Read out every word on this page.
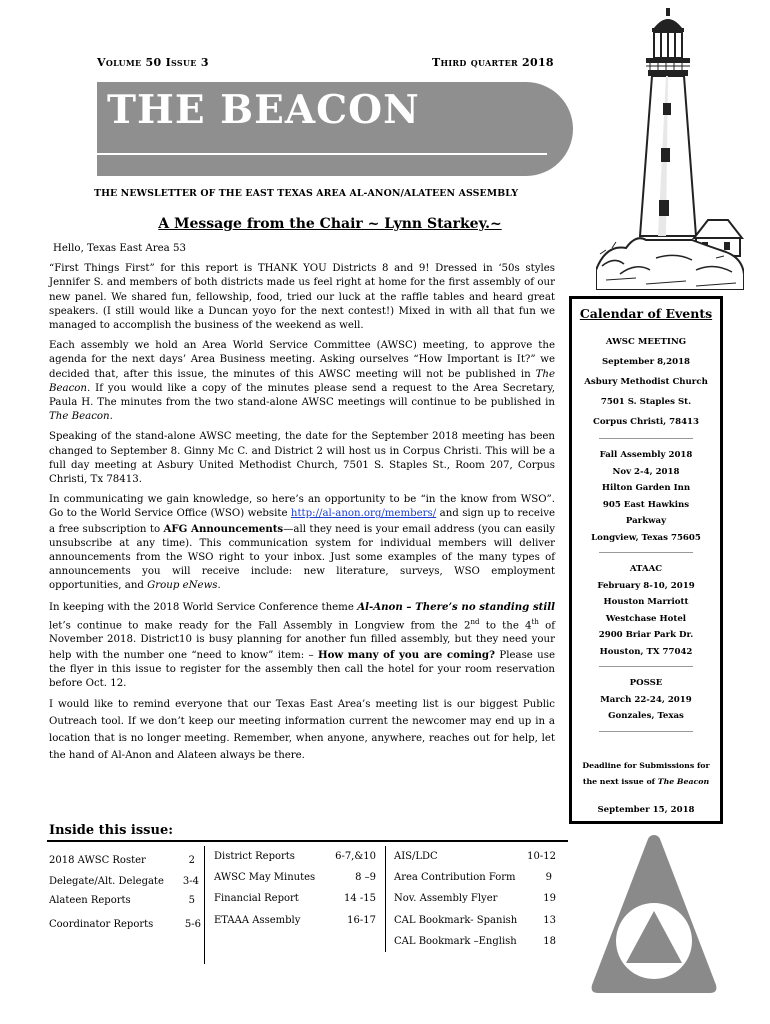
Volume 50 Issue 3	Third quarter 2018
THE BEACON
THE NEWSLETTER OF THE EAST TEXAS AREA AL-ANON/ALATEEN ASSEMBLY
A Message from the Chair ~ Lynn Starkey.~

Hello, Texas East Area 53

“First Things First” for this report is THANK YOU Districts 8 and 9! Dressed in ‘50s styles Jennifer S. and members of both districts made us feel right at home for the first assembly of our new panel. We shared fun, fellowship, food, tried our luck at the raffle tables and heard great speakers. (I still would like a Duncan yoyo for the next contest!) Mixed in with all that fun we managed to accomplish the business of the weekend as well.

Each assembly we hold an Area World Service Committee (AWSC) meeting, to approve the agenda for the next days’ Area Business meeting. Asking ourselves “How Important is It?” we decided that, after this issue, the minutes of this AWSC meeting will not be published in The Beacon. If you would like a copy of the minutes please send a request to the Area Secretary, Paula H. The minutes from the two stand-alone AWSC meetings will continue to be published in The Beacon.

Speaking of the stand-alone AWSC meeting, the date for the September 2018 meeting has been changed to September 8. Ginny Mc C. and District 2 will host us in Corpus Christi. This will be a full day meeting at Asbury United Methodist Church, 7501 S. Staples St., Room 207, Corpus Christi, Tx 78413.

In communicating we gain knowledge, so here’s an opportunity to be “in the know from WSO”. Go to the World Service Office (WSO) website http://al-anon.org/members/ and sign up to receive a free subscription to AFG Announcements—all they need is your email address (you can easily unsubscribe at any time). This communication system for individual members will deliver announcements from the WSO right to your inbox. Just some examples of the many types of announcements you will receive include: new literature, surveys, WSO employment opportunities, and Group eNews.

In keeping with the 2018 World Service Conference theme Al-Anon – There’s no standing still let’s continue to make ready for the Fall Assembly in Longview from the 2nd to the 4th of November 2018. District10 is busy planning for another fun filled assembly, but they need your help with the number one “need to know” item: – How many of you are coming? Please use the flyer in this issue to register for the assembly then call the hotel for your room reservation before Oct. 12.

I would like to remind everyone that our Texas East Area’s meeting list is our biggest Public Outreach tool. If we don’t keep our meeting information current the newcomer may end up in a location that is no longer meeting. Remember, when anyone, anywhere, reaches out for help, let the hand of Al-Anon and Alateen always be there.

Calendar of Events
AWSC MEETING
September 8,2018
Asbury Methodist Church
7501 S. Staples St.
Corpus Christi, 78413
Fall Assembly 2018
Nov 2-4, 2018
Hilton Garden Inn
905 East Hawkins
Parkway
Longview, Texas 75605
ATAAC
February 8-10, 2019
Houston Marriott
Westchase Hotel
2900 Briar Park Dr.
Houston, TX 77042
POSSE
March 22-24, 2019
Gonzales, Texas
Deadline for Submissions for
the next issue of The Beacon
September 15, 2018
Inside this issue:
2018 AWSC Roster	2
Delegate/Alt. Delegate	3-4
Alateen Reports	5
Coordinator Reports	5-6
District Reports	6-7,&10
AWSC May Minutes	8 –9
Financial Report	14 -15
ETAAA Assembly	16-17
AIS/LDC	10-12
Area Contribution Form	9
Nov. Assembly Flyer	19
CAL Bookmark- Spanish	13
CAL Bookmark –English	18
